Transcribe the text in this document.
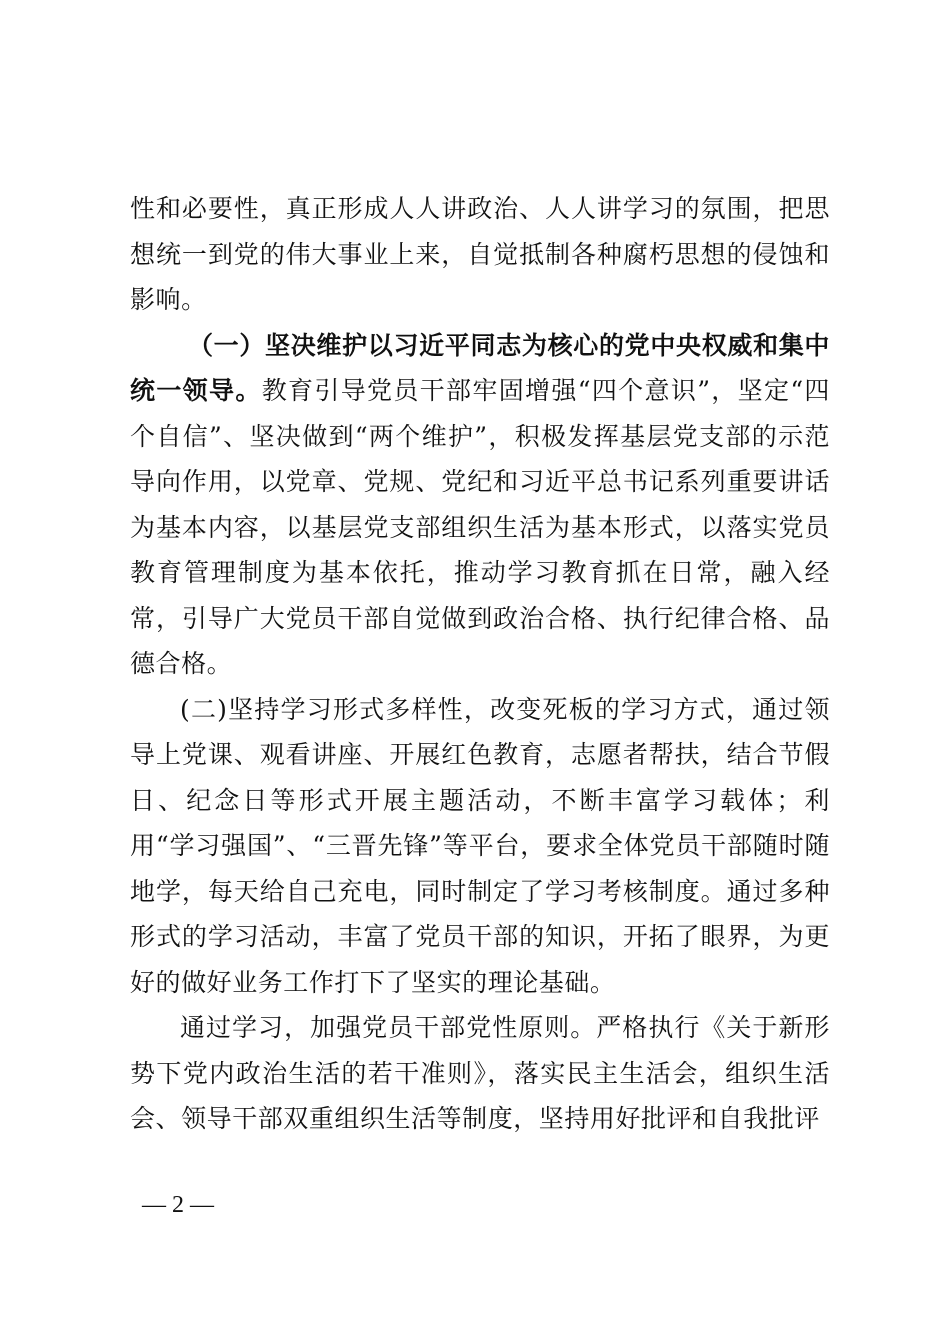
性和必要性，真正形成人人讲政治、人人讲学习的氛围，把思想统一到党的伟大事业上来，自觉抵制各种腐朽思想的侵蚀和影响。

（一）坚决维护以习近平同志为核心的党中央权威和集中统一领导。教育引导党员干部牢固增强“四个意识”，坚定“四个自信”、坚决做到“两个维护”，积极发挥基层党支部的示范导向作用，以党章、党规、党纪和习近平总书记系列重要讲话为基本内容，以基层党支部组织生活为基本形式，以落实党员教育管理制度为基本依托，推动学习教育抓在日常，融入经常，引导广大党员干部自觉做到政治合格、执行纪律合格、品德合格。

(二)坚持学习形式多样性，改变死板的学习方式，通过领导上党课、观看讲座、开展红色教育，志愿者帮扶，结合节假日、纪念日等形式开展主题活动，不断丰富学习载体；利用“学习强国”、“三晋先锋”等平台，要求全体党员干部随时随地学，每天给自己充电，同时制定了学习考核制度。通过多种形式的学习活动，丰富了党员干部的知识，开拓了眼界，为更好的做好业务工作打下了坚实的理论基础。

通过学习，加强党员干部党性原则。严格执行《关于新形势下党内政治生活的若干准则》，落实民主生活会，组织生活会、领导干部双重组织生活等制度，坚持用好批评和自我批评

— 2 —
